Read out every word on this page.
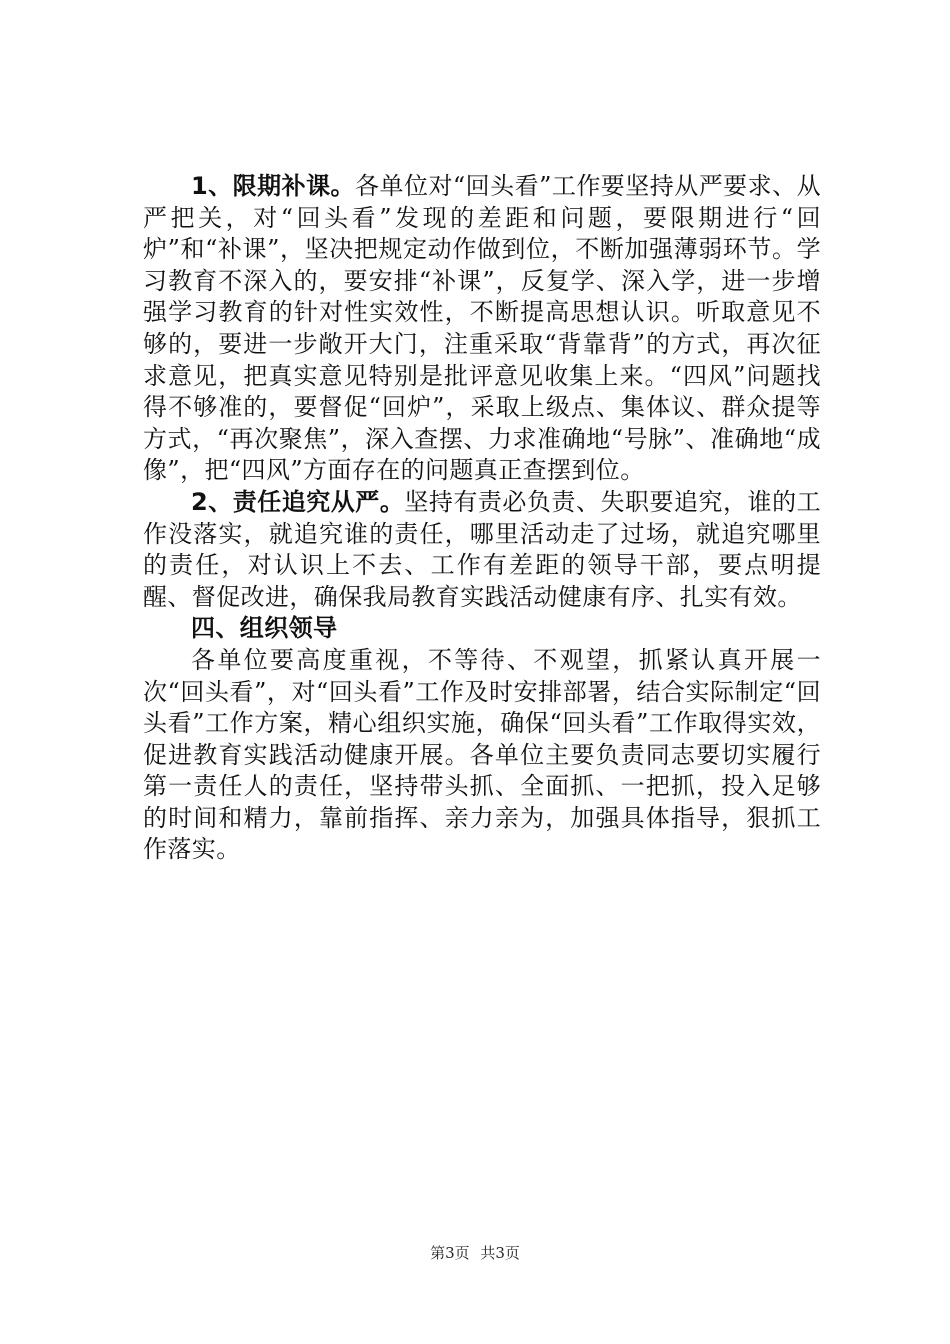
1、限期补课。各单位对“回头看”工作要坚持从严要求、从严把关，对“回头看”发现的差距和问题，要限期进行“回炉”和“补课”，坚决把规定动作做到位，不断加强薄弱环节。学习教育不深入的，要安排“补课”，反复学、深入学，进一步增强学习教育的针对性实效性，不断提高思想认识。听取意见不够的，要进一步敞开大门，注重采取“背靠背”的方式，再次征求意见，把真实意见特别是批评意见收集上来。“四风”问题找得不够准的，要督促“回炉”，采取上级点、集体议、群众提等方式，“再次聚焦”，深入查摆、力求准确地“号脉”、准确地“成像”，把“四风”方面存在的问题真正查摆到位。

2、责任追究从严。坚持有责必负责、失职要追究，谁的工作没落实，就追究谁的责任，哪里活动走了过场，就追究哪里的责任，对认识上不去、工作有差距的领导干部，要点明提醒、督促改进，确保我局教育实践活动健康有序、扎实有效。

四、组织领导

各单位要高度重视，不等待、不观望，抓紧认真开展一次“回头看”，对“回头看”工作及时安排部署，结合实际制定“回头看”工作方案，精心组织实施，确保“回头看”工作取得实效，促进教育实践活动健康开展。各单位主要负责同志要切实履行第一责任人的责任，坚持带头抓、全面抓、一把抓，投入足够的时间和精力，靠前指挥、亲力亲为，加强具体指导，狠抓工作落实。

第3页 共3页
